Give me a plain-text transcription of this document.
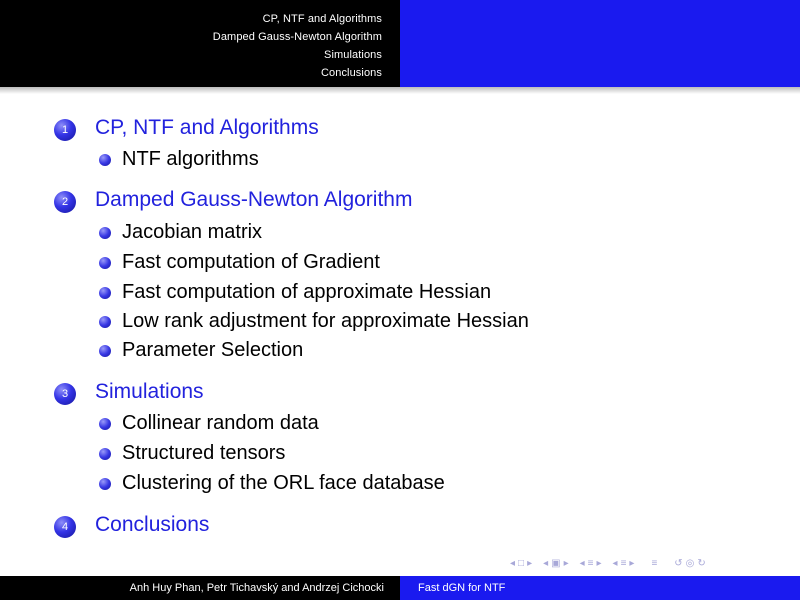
CP, NTF and Algorithms
Damped Gauss-Newton Algorithm
Simulations
Conclusions
1	CP, NTF and Algorithms
NTF algorithms
2	Damped Gauss-Newton Algorithm
Jacobian matrix
Fast computation of Gradient
Fast computation of approximate Hessian
Low rank adjustment for approximate Hessian
Parameter Selection
3	Simulations
Collinear random data
Structured tensors
Clustering of the ORL face database
4	Conclusions
◂ □ ▸ ◂ ▣ ▸ ◂ ≡ ▸ ◂ ≡ ▸ ≡ ↺ ◎ ↻
Anh Huy Phan, Petr Tichavský and Andrzej Cichocki	Fast dGN for NTF
